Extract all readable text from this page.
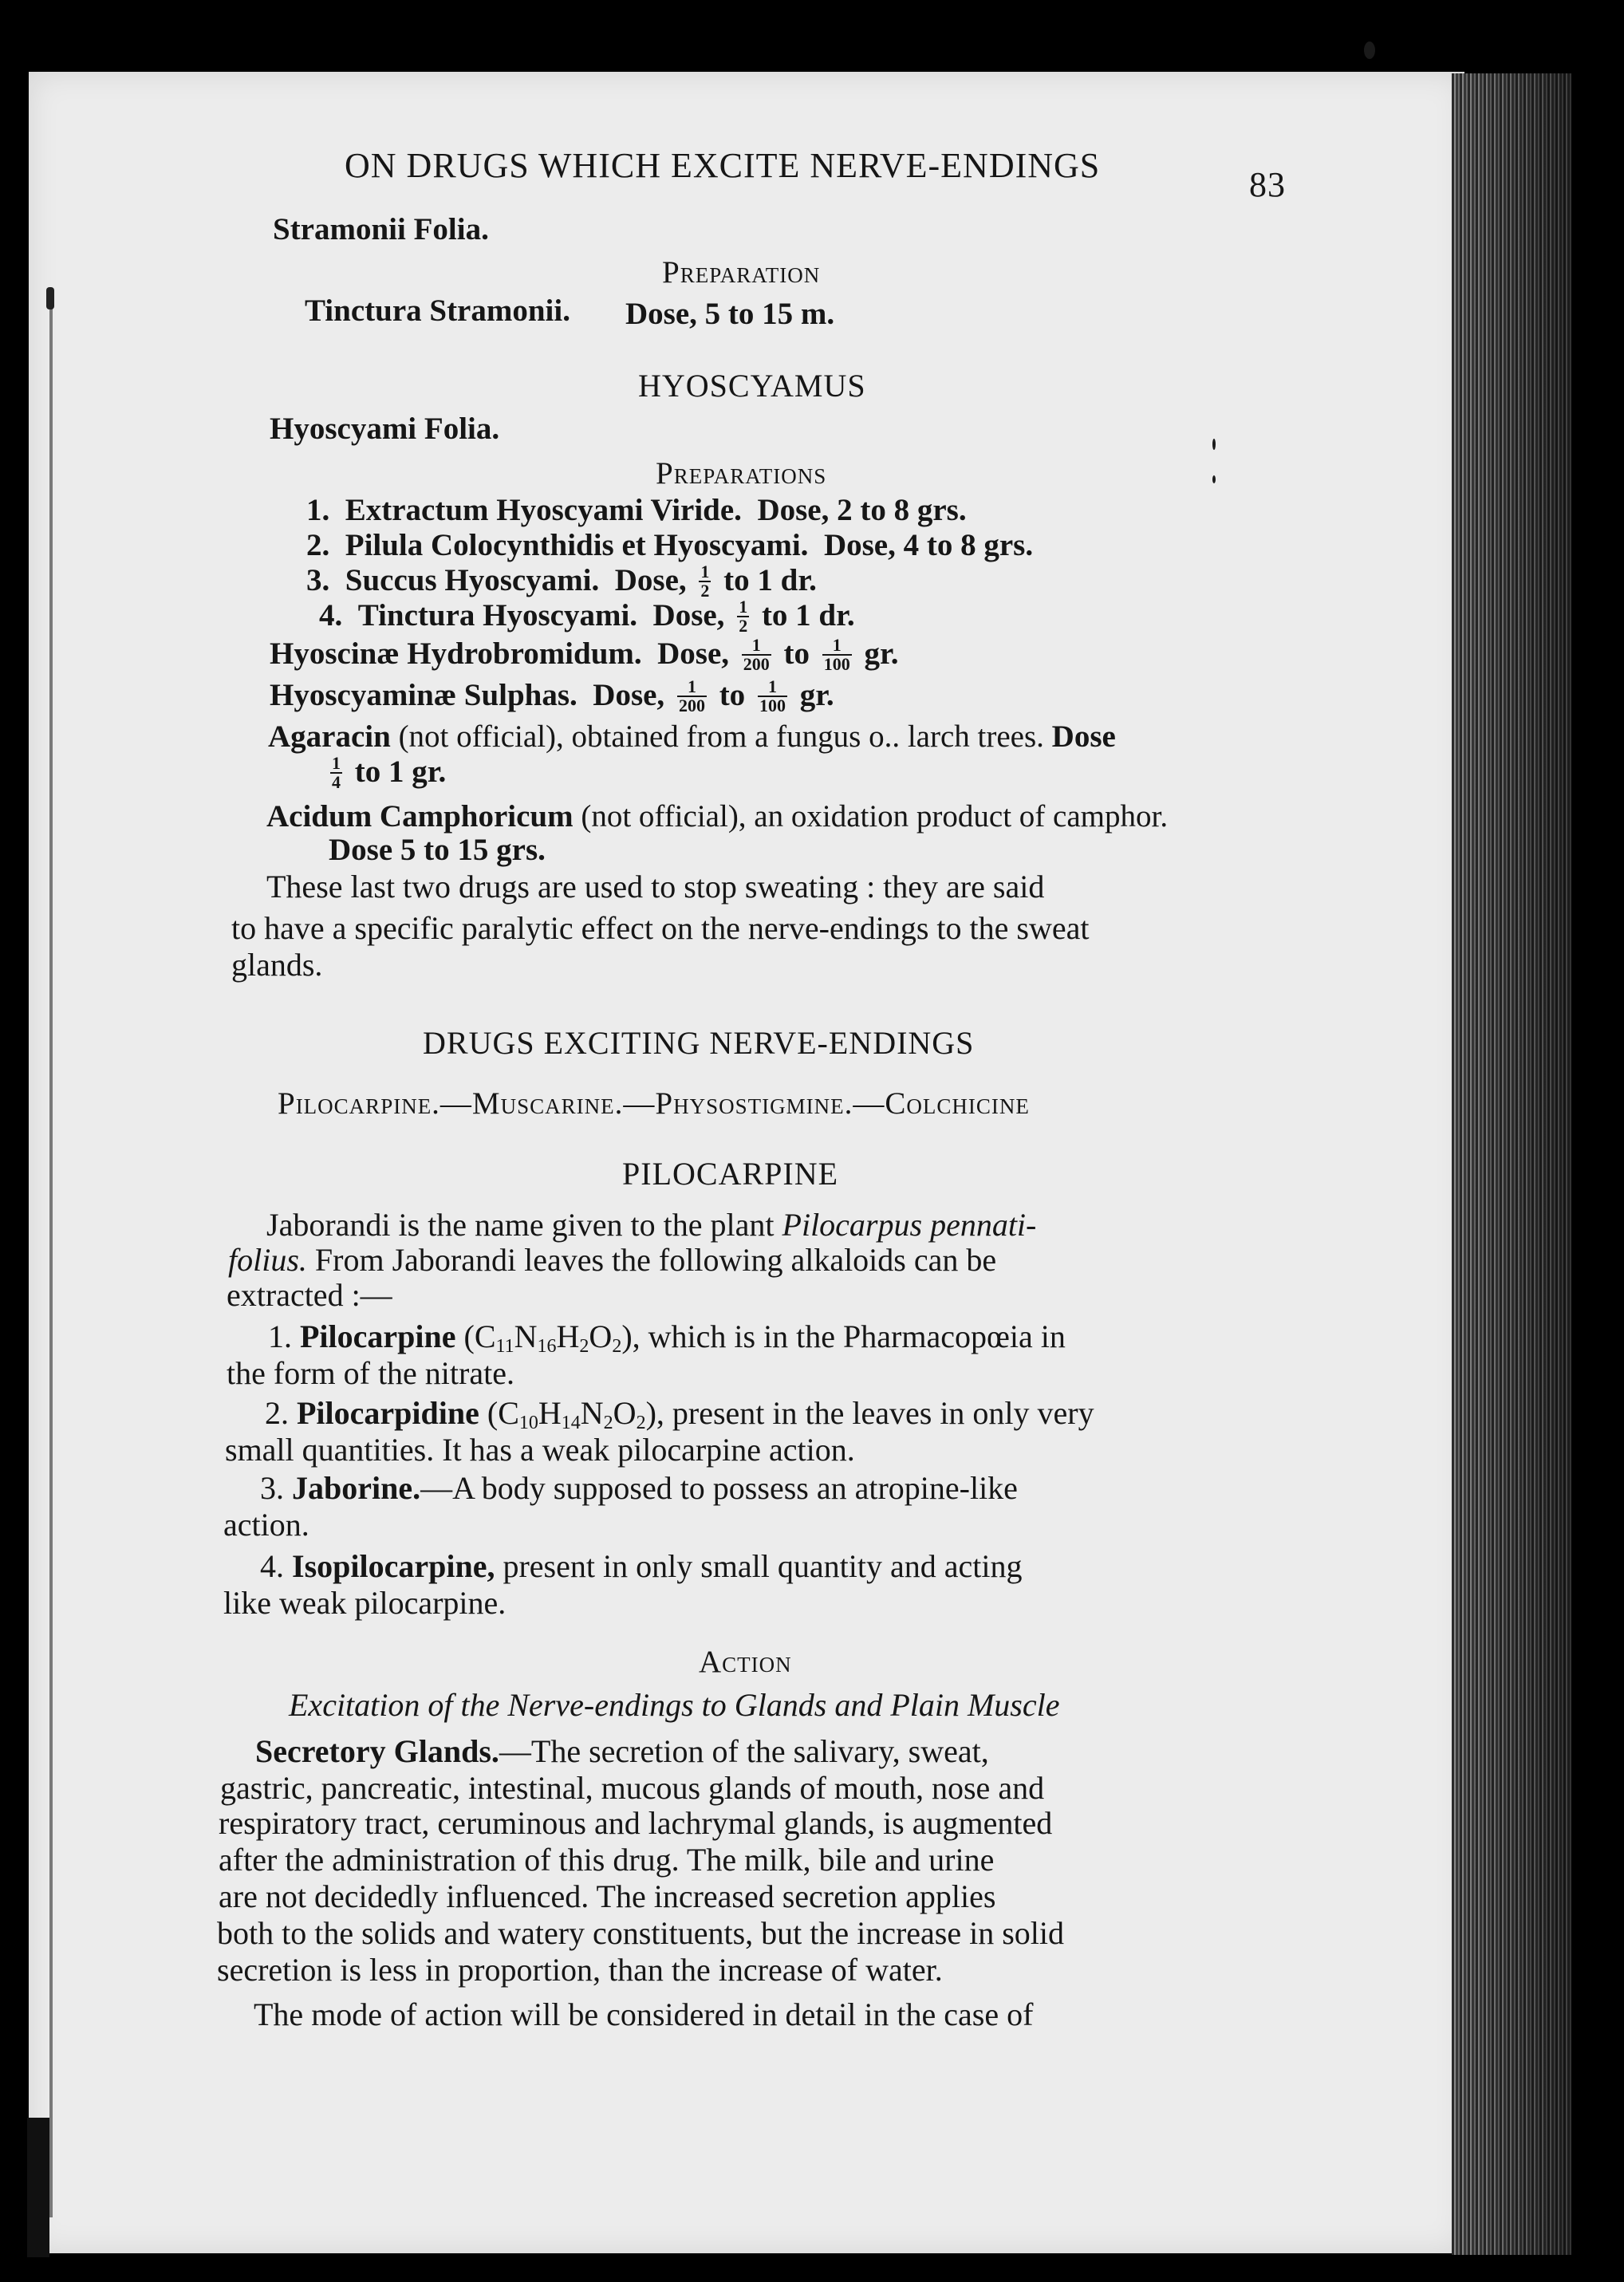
ON DRUGS WHICH EXCITE NERVE-ENDINGS	83
Stramonii Folia.
Preparation
Tinctura Stramonii. Dose, 5 to 15 m.
HYOSCYAMUS
Hyoscyami Folia.
Preparations
1. Extractum Hyoscyami Viride. Dose, 2 to 8 grs.
2. Pilula Colocynthidis et Hyoscyami. Dose, 4 to 8 grs.
3. Succus Hyoscyami. Dose, $\frac{1}{2}$ to 1 dr.
4. Tinctura Hyoscyami. Dose, $\frac{1}{2}$ to 1 dr.
Hyoscinæ Hydrobromidum. Dose, $\frac{1}{200}$ to $\frac{1}{100}$ gr.
Hyoscyaminæ Sulphas. Dose, $\frac{1}{200}$ to $\frac{1}{100}$ gr.
Agaracin (not official), obtained from a fungus o.. larch trees. Dose
$\frac{1}{4}$ to 1 gr.
Acidum Camphoricum (not official), an oxidation product of camphor.
Dose 5 to 15 grs.
These last two drugs are used to stop sweating : they are said
to have a specific paralytic effect on the nerve-endings to the sweat
glands.
DRUGS EXCITING NERVE-ENDINGS
Pilocarpine.—Muscarine.—Physostigmine.—Colchicine
PILOCARPINE
Jaborandi is the name given to the plant Pilocarpus pennati-
folius. From Jaborandi leaves the following alkaloids can be
extracted :—
1. Pilocarpine $(C_{11}N_{16}H_2O_2)$, which is in the Pharmacopœia in
the form of the nitrate.
2. Pilocarpidine $(C_{10}H_{14}N_2O_2)$, present in the leaves in only very
small quantities. It has a weak pilocarpine action.
3. Jaborine.—A body supposed to possess an atropine-like
action.
4. Isopilocarpine, present in only small quantity and acting
like weak pilocarpine.
Action
Excitation of the Nerve-endings to Glands and Plain Muscle
Secretory Glands.—The secretion of the salivary, sweat,
gastric, pancreatic, intestinal, mucous glands of mouth, nose and
respiratory tract, ceruminous and lachrymal glands, is augmented
after the administration of this drug. The milk, bile and urine
are not decidedly influenced. The increased secretion applies
both to the solids and watery constituents, but the increase in solid
secretion is less in proportion, than the increase of water.
The mode of action will be considered in detail in the case of
